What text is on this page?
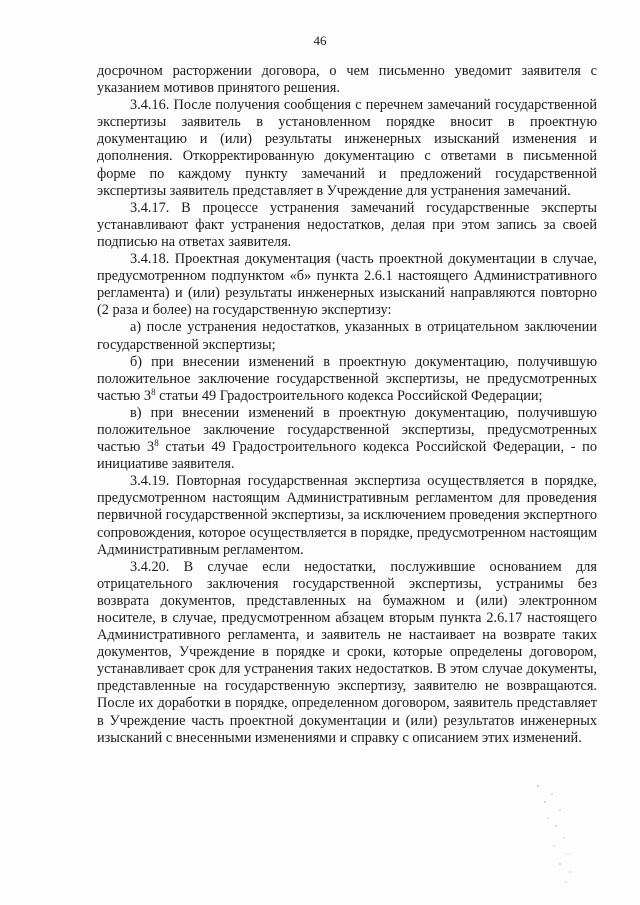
46

досрочном расторжении договора, о чем письменно уведомит заявителя с указанием мотивов принятого решения.

3.4.16. После получения сообщения с перечнем замечаний государственной экспертизы заявитель в установленном порядке вносит в проектную документацию и (или) результаты инженерных изысканий изменения и дополнения. Откорректированную документацию с ответами в письменной форме по каждому пункту замечаний и предложений государственной экспертизы заявитель представляет в Учреждение для устранения замечаний.

3.4.17. В процессе устранения замечаний государственные эксперты устанавливают факт устранения недостатков, делая при этом запись за своей подписью на ответах заявителя.

3.4.18. Проектная документация (часть проектной документации в случае, предусмотренном подпунктом «б» пункта 2.6.1 настоящего Административного регламента) и (или) результаты инженерных изысканий направляются повторно (2 раза и более) на государственную экспертизу:

а) после устранения недостатков, указанных в отрицательном заключении государственной экспертизы;

б) при внесении изменений в проектную документацию, получившую положительное заключение государственной экспертизы, не предусмотренных частью $3^8$ статьи 49 Градостроительного кодекса Российской Федерации;

в) при внесении изменений в проектную документацию, получившую положительное заключение государственной экспертизы, предусмотренных частью $3^8$ статьи 49 Градостроительного кодекса Российской Федерации, - по инициативе заявителя.

3.4.19. Повторная государственная экспертиза осуществляется в порядке, предусмотренном настоящим Административным регламентом для проведения первичной государственной экспертизы, за исключением проведения экспертного сопровождения, которое осуществляется в порядке, предусмотренном настоящим Административным регламентом.

3.4.20. В случае если недостатки, послужившие основанием для отрицательного заключения государственной экспертизы, устранимы без возврата документов, представленных на бумажном и (или) электронном носителе, в случае, предусмотренном абзацем вторым пункта 2.6.17 настоящего Административного регламента, и заявитель не настаивает на возврате таких документов, Учреждение в порядке и сроки, которые определены договором, устанавливает срок для устранения таких недостатков. В этом случае документы, представленные на государственную экспертизу, заявителю не возвращаются. После их доработки в порядке, определенном договором, заявитель представляет в Учреждение часть проектной документации и (или) результатов инженерных изысканий с внесенными изменениями и справку с описанием этих изменений.
